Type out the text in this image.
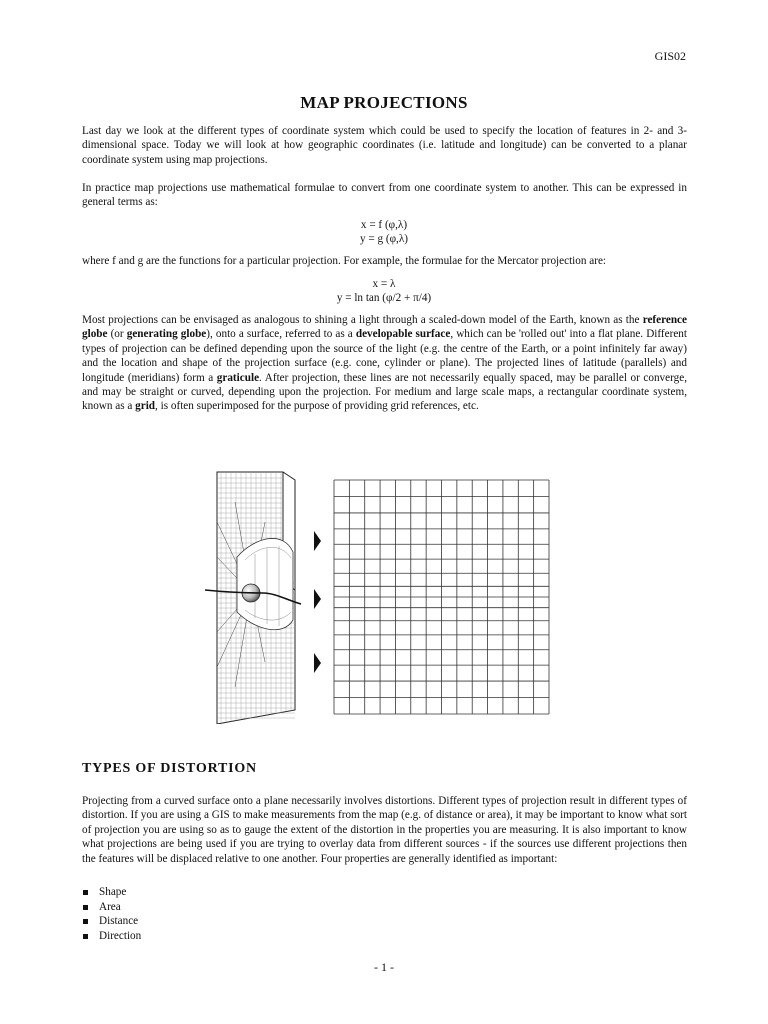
GIS02
MAP PROJECTIONS

Last day we look at the different types of coordinate system which could be used to specify the location of features in 2- and 3-dimensional space. Today we will look at how geographic coordinates (i.e. latitude and longitude) can be converted to a planar coordinate system using map projections.

In practice map projections use mathematical formulae to convert from one coordinate system to another. This can be expressed in general terms as:

x = f (φ,λ)
y = g (φ,λ)

where f and g are the functions for a particular projection. For example, the formulae for the Mercator projection are:

x = λ
y = ln tan (φ/2 + π/4)

Most projections can be envisaged as analogous to shining a light through a scaled-down model of the Earth, known as the reference globe (or generating globe), onto a surface, referred to as a developable surface, which can be 'rolled out' into a flat plane. Different types of projection can be defined depending upon the source of the light (e.g. the centre of the Earth, or a point infinitely far away) and the location and shape of the projection surface (e.g. cone, cylinder or plane). The projected lines of latitude (parallels) and longitude (meridians) form a graticule. After projection, these lines are not necessarily equally spaced, may be parallel or converge, and may be straight or curved, depending upon the projection. For medium and large scale maps, a rectangular coordinate system, known as a grid, is often superimposed for the purpose of providing grid references, etc.

TYPES OF DISTORTION

Projecting from a curved surface onto a plane necessarily involves distortions. Different types of projection result in different types of distortion. If you are using a GIS to make measurements from the map (e.g. of distance or area), it may be important to know what sort of projection you are using so as to gauge the extent of the distortion in the properties you are measuring. It is also important to know what projections are being used if you are trying to overlay data from different sources - if the sources use different projections then the features will be displaced relative to one another. Four properties are generally identified as important:

Shape
Area
Distance
Direction
- 1 -
